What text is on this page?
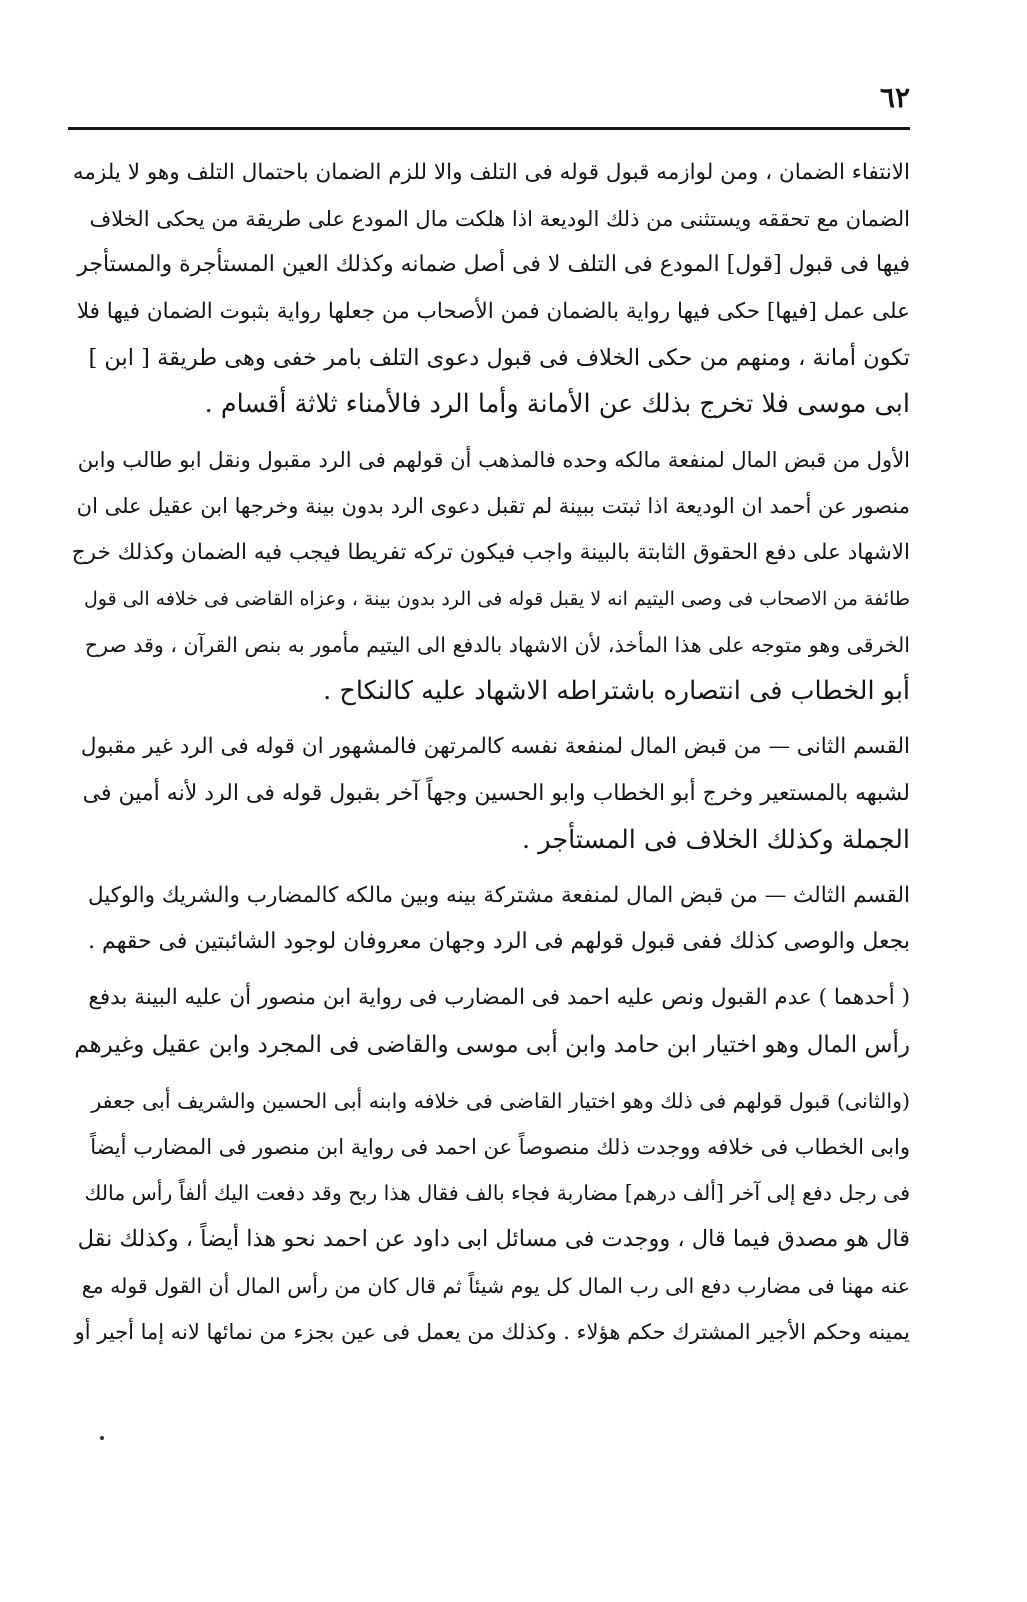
٦٢

الانتفاء الضمان ، ومن لوازمه قبول قوله فى التلف والا للزم الضمان باحتمال التلف وهو لا يلزمه
الضمان مع تحققه ويستثنى من ذلك الوديعة اذا هلكت مال المودع على طريقة من يحكى الخلاف
فيها فى قبول [قول] المودع فى التلف لا فى أصل ضمانه وكذلك العين المستأجرة والمستأجر
على عمل [فيها] حكى فيها رواية بالضمان فمن الأصحاب من جعلها رواية بثبوت الضمان فيها فلا
تكون أمانة ، ومنهم من حكى الخلاف فى قبول دعوى التلف بامر خفى وهى طريقة [ ابن ]
ابى موسى فلا تخرج بذلك عن الأمانة وأما الرد فالأمناء ثلاثة أقسام .

الأول من قبض المال لمنفعة مالكه وحده فالمذهب أن قولهم فى الرد مقبول ونقل ابو طالب وابن
منصور عن أحمد ان الوديعة اذا ثبتت ببينة لم تقبل دعوى الرد بدون بينة وخرجها ابن عقيل على ان
الاشهاد على دفع الحقوق الثابتة بالبينة واجب فيكون تركه تفريطا فيجب فيه الضمان وكذلك خرج
طائفة من الاصحاب فى وصى اليتيم انه لا يقبل قوله فى الرد بدون بينة ، وعزاه القاضى فى خلافه الى قول
الخرقى وهو متوجه على هذا المأخذ، لأن الاشهاد بالدفع الى اليتيم مأمور به بنص القرآن ، وقد صرح
أبو الخطاب فى انتصاره باشتراطه الاشهاد عليه كالنكاح .

القسم الثانى — من قبض المال لمنفعة نفسه كالمرتهن فالمشهور ان قوله فى الرد غير مقبول
لشبهه بالمستعير وخرج أبو الخطاب وابو الحسين وجهاً آخر بقبول قوله فى الرد لأنه أمين فى
الجملة وكذلك الخلاف فى المستأجر .

القسم الثالث — من قبض المال لمنفعة مشتركة بينه وبين مالكه كالمضارب والشريك والوكيل
بجعل والوصى كذلك ففى قبول قولهم فى الرد وجهان معروفان لوجود الشائبتين فى حقهم .

( أحدهما ) عدم القبول ونص عليه احمد فى المضارب فى رواية ابن منصور أن عليه البينة بدفع
رأس المال وهو اختيار ابن حامد وابن أبى موسى والقاضى فى المجرد وابن عقيل وغيرهم

(والثانى) قبول قولهم فى ذلك وهو اختيار القاضى فى خلافه وابنه أبى الحسين والشريف أبى جعفر
وابى الخطاب فى خلافه ووجدت ذلك منصوصاً عن احمد فى رواية ابن منصور فى المضارب أيضاً
فى رجل دفع إلى آخر [ألف درهم] مضاربة فجاء بالف فقال هذا ربح وقد دفعت اليك ألفاً رأس مالك
قال هو مصدق فيما قال ، ووجدت فى مسائل ابى داود عن احمد نحو هذا أيضاً ، وكذلك نقل
عنه مهنا فى مضارب دفع الى رب المال كل يوم شيئاً ثم قال كان من رأس المال أن القول قوله مع
يمينه وحكم الأجير المشترك حكم هؤلاء . وكذلك من يعمل فى عين بجزء من نمائها لانه إما أجير أو
